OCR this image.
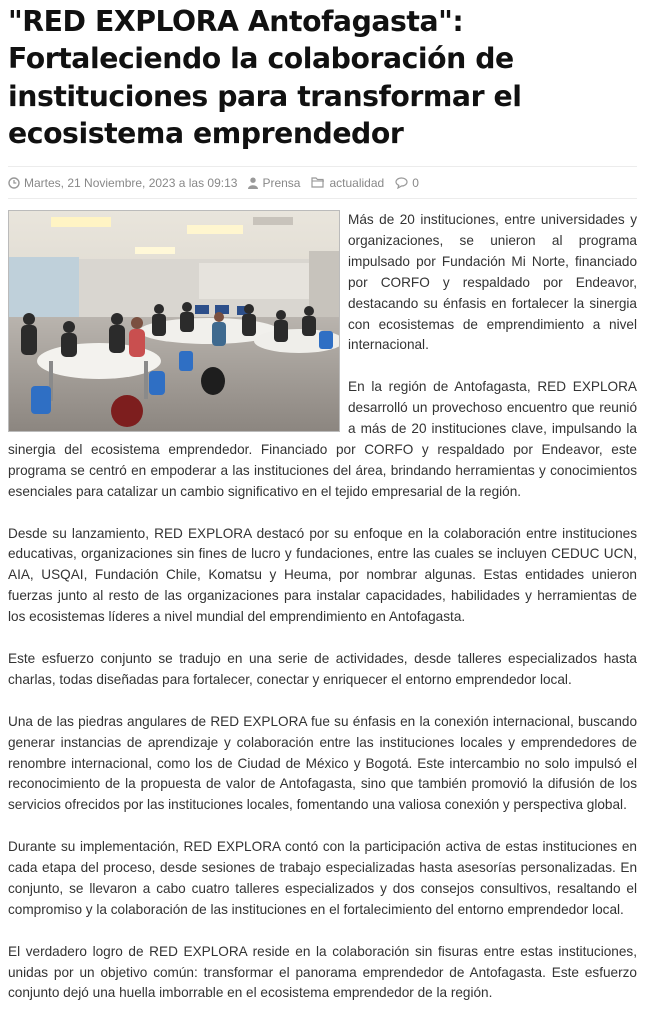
"RED EXPLORA Antofagasta": Fortaleciendo la colaboración de instituciones para transformar el ecosistema emprendedor
Martes, 21 Noviembre, 2023 a las 09:13 Prensa actualidad 0

Más de 20 instituciones, entre universidades y organizaciones, se unieron al programa impulsado por Fundación Mi Norte, financiado por CORFO y respaldado por Endeavor, destacando su énfasis en fortalecer la sinergia con ecosistemas de emprendimiento a nivel internacional.

En la región de Antofagasta, RED EXPLORA desarrolló un provechoso encuentro que reunió a más de 20 instituciones clave, impulsando la sinergia del ecosistema emprendedor. Financiado por CORFO y respaldado por Endeavor, este programa se centró en empoderar a las instituciones del área, brindando herramientas y conocimientos esenciales para catalizar un cambio significativo en el tejido empresarial de la región.

Desde su lanzamiento, RED EXPLORA destacó por su enfoque en la colaboración entre instituciones educativas, organizaciones sin fines de lucro y fundaciones, entre las cuales se incluyen CEDUC UCN, AIA, USQAI, Fundación Chile, Komatsu y Heuma, por nombrar algunas. Estas entidades unieron fuerzas junto al resto de las organizaciones para instalar capacidades, habilidades y herramientas de los ecosistemas líderes a nivel mundial del emprendimiento en Antofagasta.

Este esfuerzo conjunto se tradujo en una serie de actividades, desde talleres especializados hasta charlas, todas diseñadas para fortalecer, conectar y enriquecer el entorno emprendedor local.

Una de las piedras angulares de RED EXPLORA fue su énfasis en la conexión internacional, buscando generar instancias de aprendizaje y colaboración entre las instituciones locales y emprendedores de renombre internacional, como los de Ciudad de México y Bogotá. Este intercambio no solo impulsó el reconocimiento de la propuesta de valor de Antofagasta, sino que también promovió la difusión de los servicios ofrecidos por las instituciones locales, fomentando una valiosa conexión y perspectiva global.

Durante su implementación, RED EXPLORA contó con la participación activa de estas instituciones en cada etapa del proceso, desde sesiones de trabajo especializadas hasta asesorías personalizadas. En conjunto, se llevaron a cabo cuatro talleres especializados y dos consejos consultivos, resaltando el compromiso y la colaboración de las instituciones en el fortalecimiento del entorno emprendedor local.

El verdadero logro de RED EXPLORA reside en la colaboración sin fisuras entre estas instituciones, unidas por un objetivo común: transformar el panorama emprendedor de Antofagasta. Este esfuerzo conjunto dejó una huella imborrable en el ecosistema emprendedor de la región.
